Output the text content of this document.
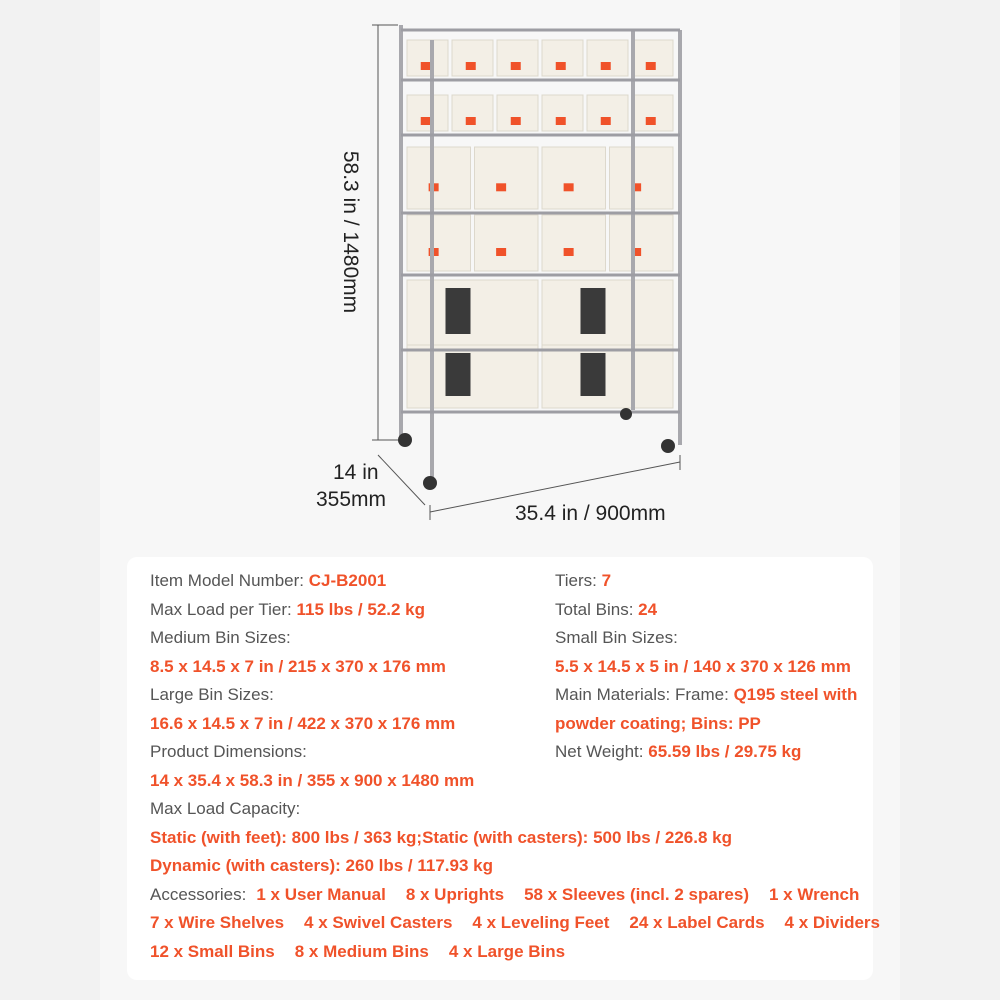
58.3 in / 1480mm
14 in
355mm
35.4 in / 900mm
Item Model Number: CJ-B2001
Max Load per Tier: 115 lbs / 52.2 kg
Medium Bin Sizes:
8.5 x 14.5 x 7 in / 215 x 370 x 176 mm
Large Bin Sizes:
16.6 x 14.5 x 7 in / 422 x 370 x 176 mm
Product Dimensions:
14 x 35.4 x 58.3 in / 355 x 900 x 1480 mm
Max Load Capacity:
Static (with feet): 800 lbs / 363 kg;Static (with casters): 500 lbs / 226.8 kg
Dynamic (with casters): 260 lbs / 117.93 kg
Accessories: 1 x User Manual 8 x Uprights 58 x Sleeves (incl. 2 spares) 1 x Wrench
7 x Wire Shelves 4 x Swivel Casters 4 x Leveling Feet 24 x Label Cards 4 x Dividers
12 x Small Bins 8 x Medium Bins 4 x Large Bins
Tiers: 7
Total Bins: 24
Small Bin Sizes:
5.5 x 14.5 x 5 in / 140 x 370 x 126 mm
Main Materials: Frame: Q195 steel with
powder coating; Bins: PP
Net Weight: 65.59 lbs / 29.75 kg
